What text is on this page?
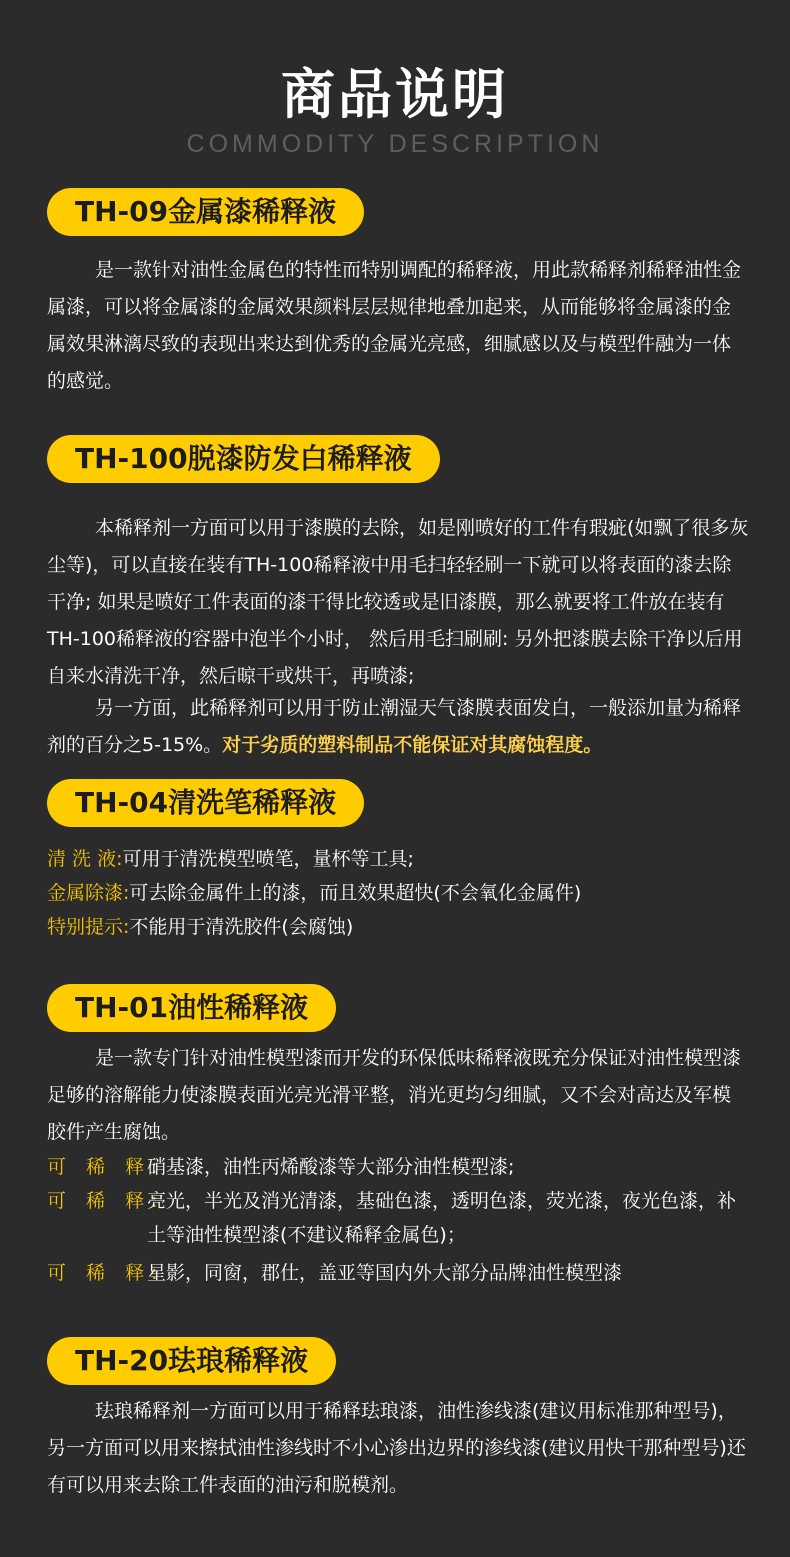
商品说明
COMMODITY DESCRIPTION
TH-09金属漆稀释液

是一款针对油性金属色的特性而特别调配的稀释液，用此款稀释剂稀释油性金属漆，可以将金属漆的金属效果颜料层层规律地叠加起来，从而能够将金属漆的金属效果淋漓尽致的表现出来达到优秀的金属光亮感，细腻感以及与模型件融为一体的感觉。

TH-100脱漆防发白稀释液

本稀释剂一方面可以用于漆膜的去除，如是刚喷好的工件有瑕疵(如飘了很多灰尘等)，可以直接在装有TH-100稀释液中用毛扫轻轻刷一下就可以将表面的漆去除干净; 如果是喷好工件表面的漆干得比较透或是旧漆膜，那么就要将工件放在装有TH-100稀释液的容器中泡半个小时， 然后用毛扫刷刷: 另外把漆膜去除干净以后用自来水清洗干净，然后晾干或烘干，再喷漆;

另一方面，此稀释剂可以用于防止潮湿天气漆膜表面发白，一般添加量为稀释剂的百分之5-15%。对于劣质的塑料制品不能保证对其腐蚀程度。

TH-04清洗笔稀释液
清 洗 液: 可用于清洗模型喷笔，量杯等工具;
金属除漆: 可去除金属件上的漆，而且效果超快(不会氧化金属件)
特别提示: 不能用于清洗胶件(会腐蚀)
TH-01油性稀释液

是一款专门针对油性模型漆而开发的环保低味稀释液既充分保证对油性模型漆足够的溶解能力使漆膜表面光亮光滑平整，消光更均匀细腻，又不会对高达及军模胶件产生腐蚀。

可 稀 释:
硝基漆，油性丙烯酸漆等大部分油性模型漆;
可 稀 释:
亮光，半光及消光清漆，基础色漆，透明色漆，荧光漆，夜光色漆，补土等油性模型漆(不建议稀释金属色)；
可 稀 释:
星影，同窗，郡仕，盖亚等国内外大部分品牌油性模型漆
TH-20珐琅稀释液

珐琅稀释剂一方面可以用于稀释珐琅漆，油性渗线漆(建议用标准那种型号)，另一方面可以用来擦拭油性渗线时不小心渗出边界的渗线漆(建议用快干那种型号)还有可以用来去除工件表面的油污和脱模剂。
